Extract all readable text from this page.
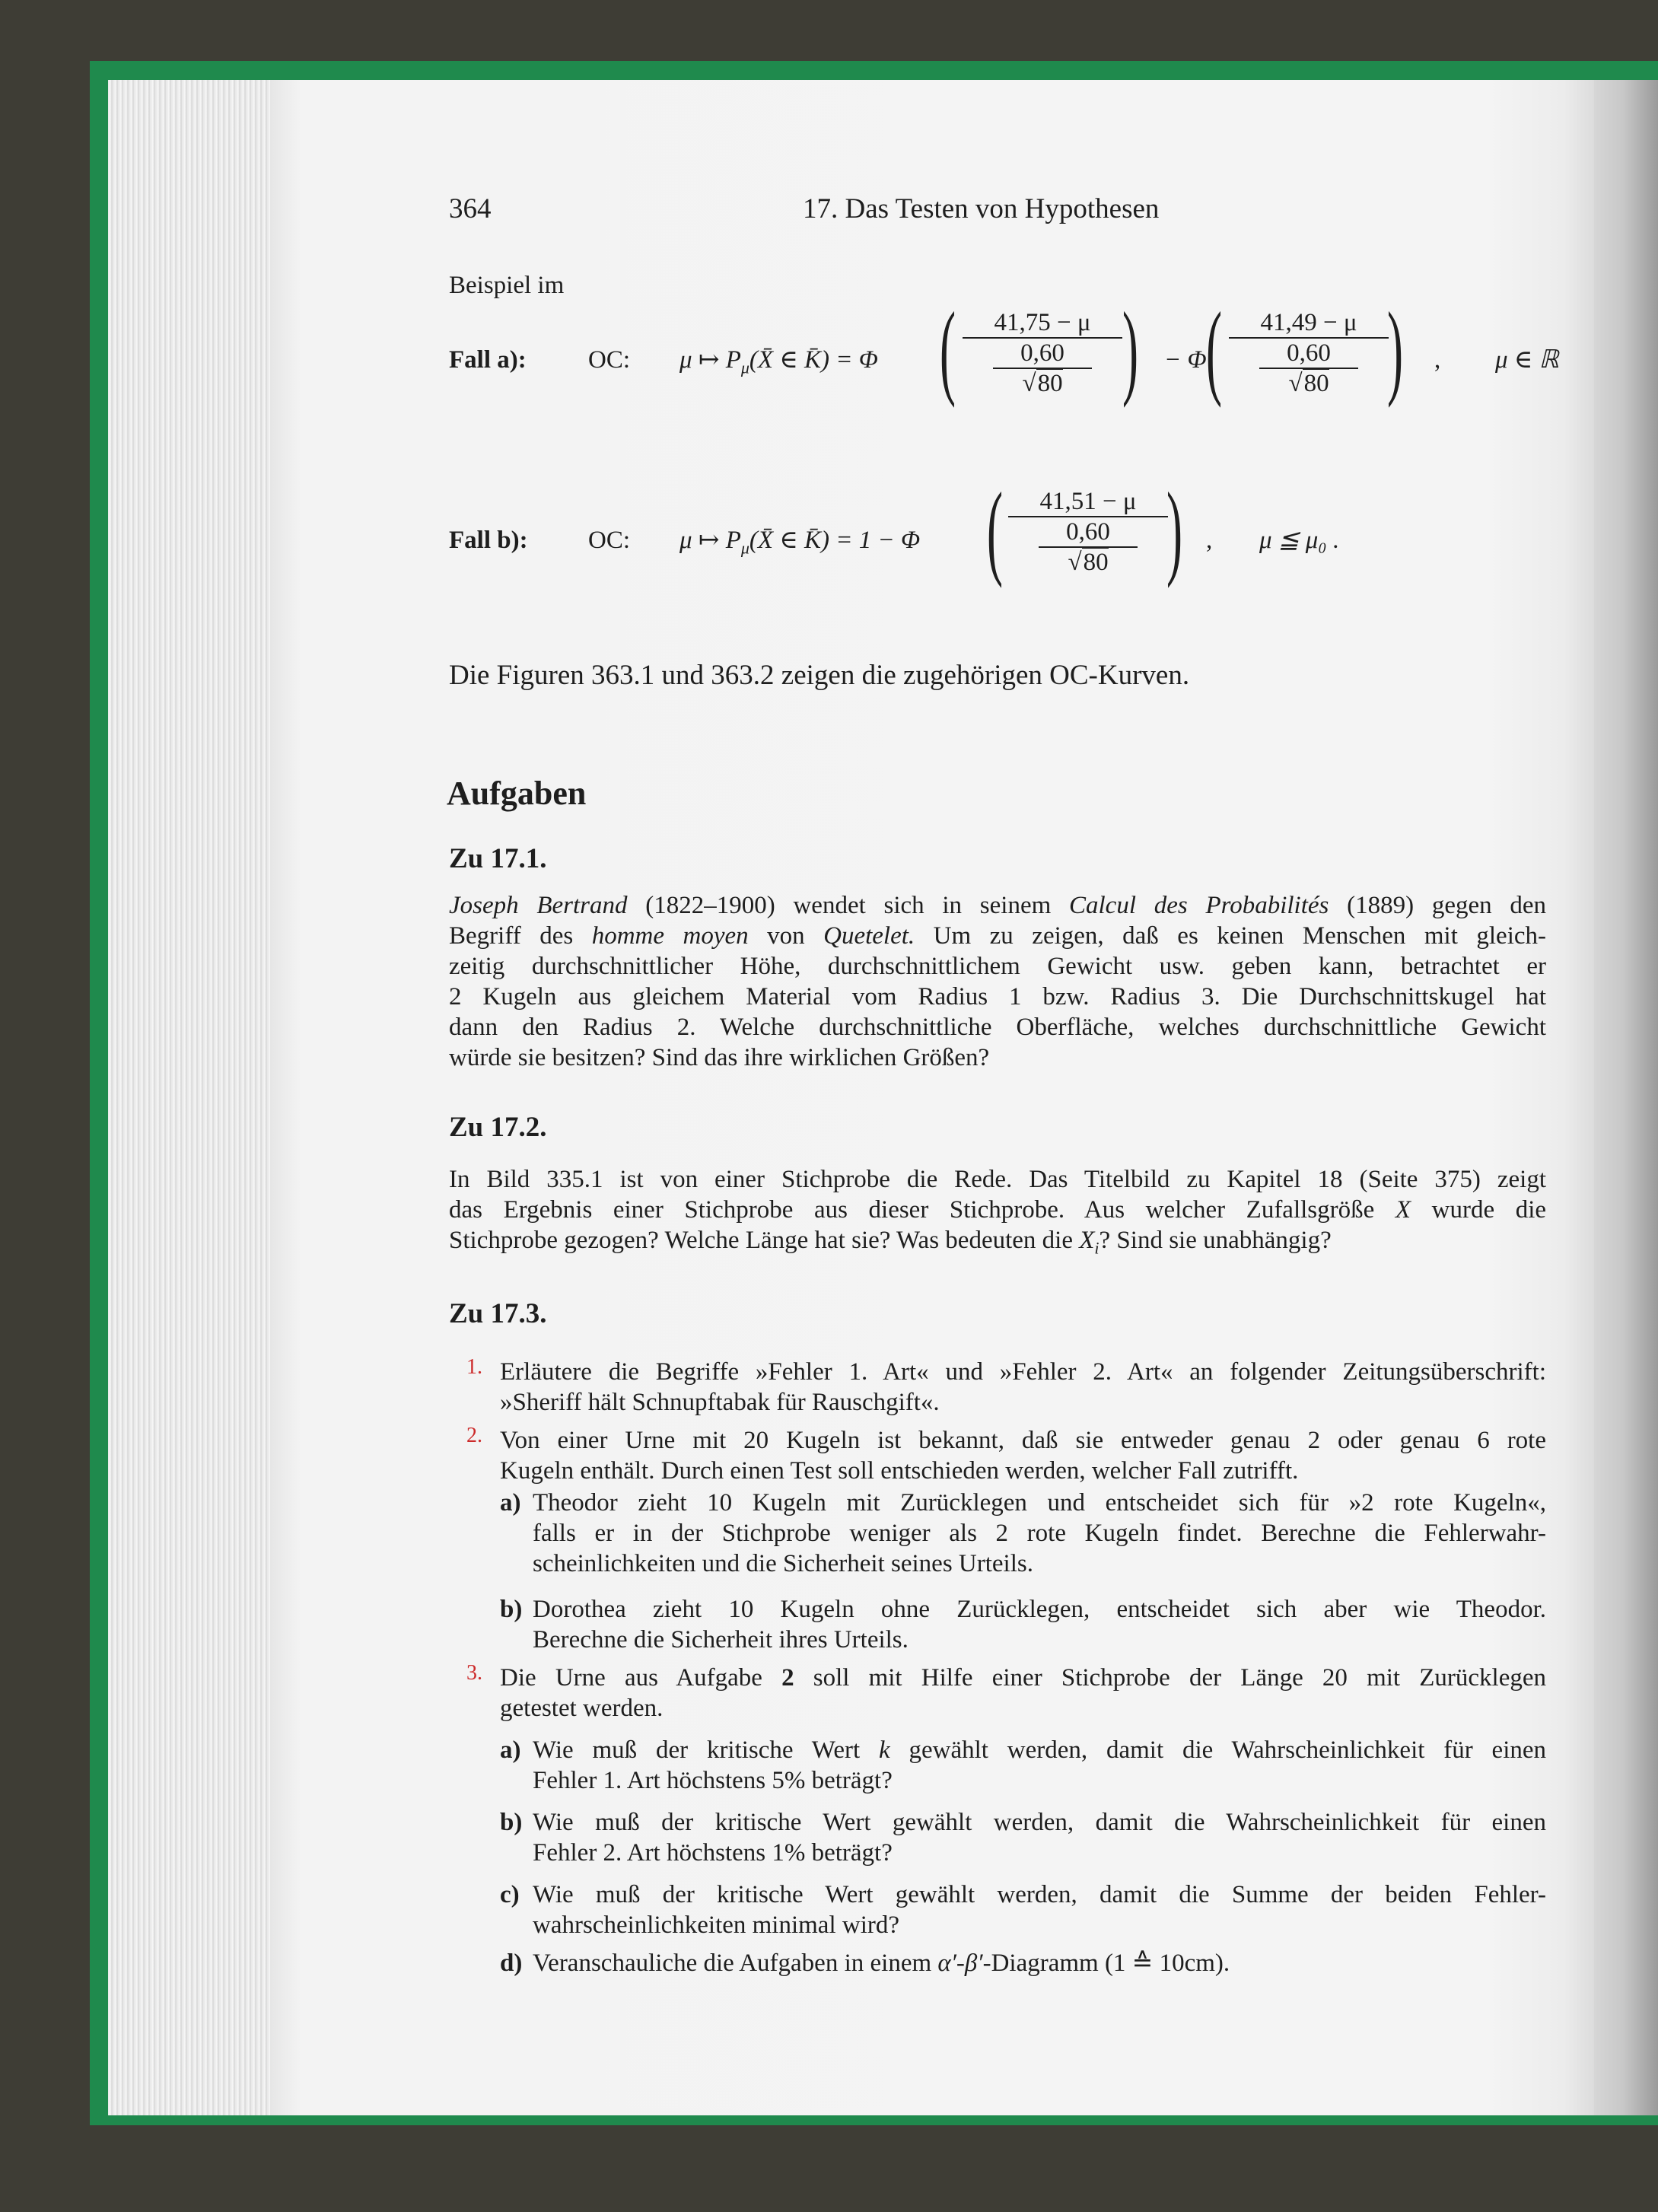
364	17. Das Testen von Hypothesen
Beispiel im
Fall a): OC: μ ↦ $P_\mu(X̄$ ∈ K̄) = Φ (	41,75 − μ
0,60
√80 ) − Φ (	41,49 − μ
0,60
√80 ) , μ ∈ ℝ
Fall b): OC: μ ↦ $P_\mu(X̄$ ∈ K̄) = 1 − Φ (	41,51 − μ
0,60
√80 ) , μ ≦ μ₀ .
Die Figuren 363.1 und 363.2 zeigen die zugehörigen OC-Kurven.
Aufgaben
Zu 17.1.
Joseph Bertrand (1822–1900) wendet sich in seinem Calcul des Probabilités (1889) gegen den
Begriff des homme moyen von Quetelet. Um zu zeigen, daß es keinen Menschen mit gleich-
zeitig durchschnittlicher Höhe, durchschnittlichem Gewicht usw. geben kann, betrachtet er
2 Kugeln aus gleichem Material vom Radius 1 bzw. Radius 3. Die Durchschnittskugel hat
dann den Radius 2. Welche durchschnittliche Oberfläche, welches durchschnittliche Gewicht
würde sie besitzen? Sind das ihre wirklichen Größen?
Zu 17.2.
In Bild 335.1 ist von einer Stichprobe die Rede. Das Titelbild zu Kapitel 18 (Seite 375) zeigt
das Ergebnis einer Stichprobe aus dieser Stichprobe. Aus welcher Zufallsgröße X wurde die
Stichprobe gezogen? Welche Länge hat sie? Was bedeuten die $X_i$? Sind sie unabhängig?
Zu 17.3.
1. Erläutere die Begriffe »Fehler 1. Art« und »Fehler 2. Art« an folgender Zeitungsüberschrift:
»Sheriff hält Schnupftabak für Rauschgift«.
2. Von einer Urne mit 20 Kugeln ist bekannt, daß sie entweder genau 2 oder genau 6 rote
Kugeln enthält. Durch einen Test soll entschieden werden, welcher Fall zutrifft.
a) Theodor zieht 10 Kugeln mit Zurücklegen und entscheidet sich für »2 rote Kugeln«,
falls er in der Stichprobe weniger als 2 rote Kugeln findet. Berechne die Fehlerwahr-
scheinlichkeiten und die Sicherheit seines Urteils.
b) Dorothea zieht 10 Kugeln ohne Zurücklegen, entscheidet sich aber wie Theodor.
Berechne die Sicherheit ihres Urteils.
3. Die Urne aus Aufgabe 2 soll mit Hilfe einer Stichprobe der Länge 20 mit Zurücklegen
getestet werden.
a) Wie muß der kritische Wert k gewählt werden, damit die Wahrscheinlichkeit für einen
Fehler 1. Art höchstens 5% beträgt?
b) Wie muß der kritische Wert gewählt werden, damit die Wahrscheinlichkeit für einen
Fehler 2. Art höchstens 1% beträgt?
c) Wie muß der kritische Wert gewählt werden, damit die Summe der beiden Fehler-
wahrscheinlichkeiten minimal wird?
d) Veranschauliche die Aufgaben in einem α′-β′-Diagramm (1 ≙ 10cm).
